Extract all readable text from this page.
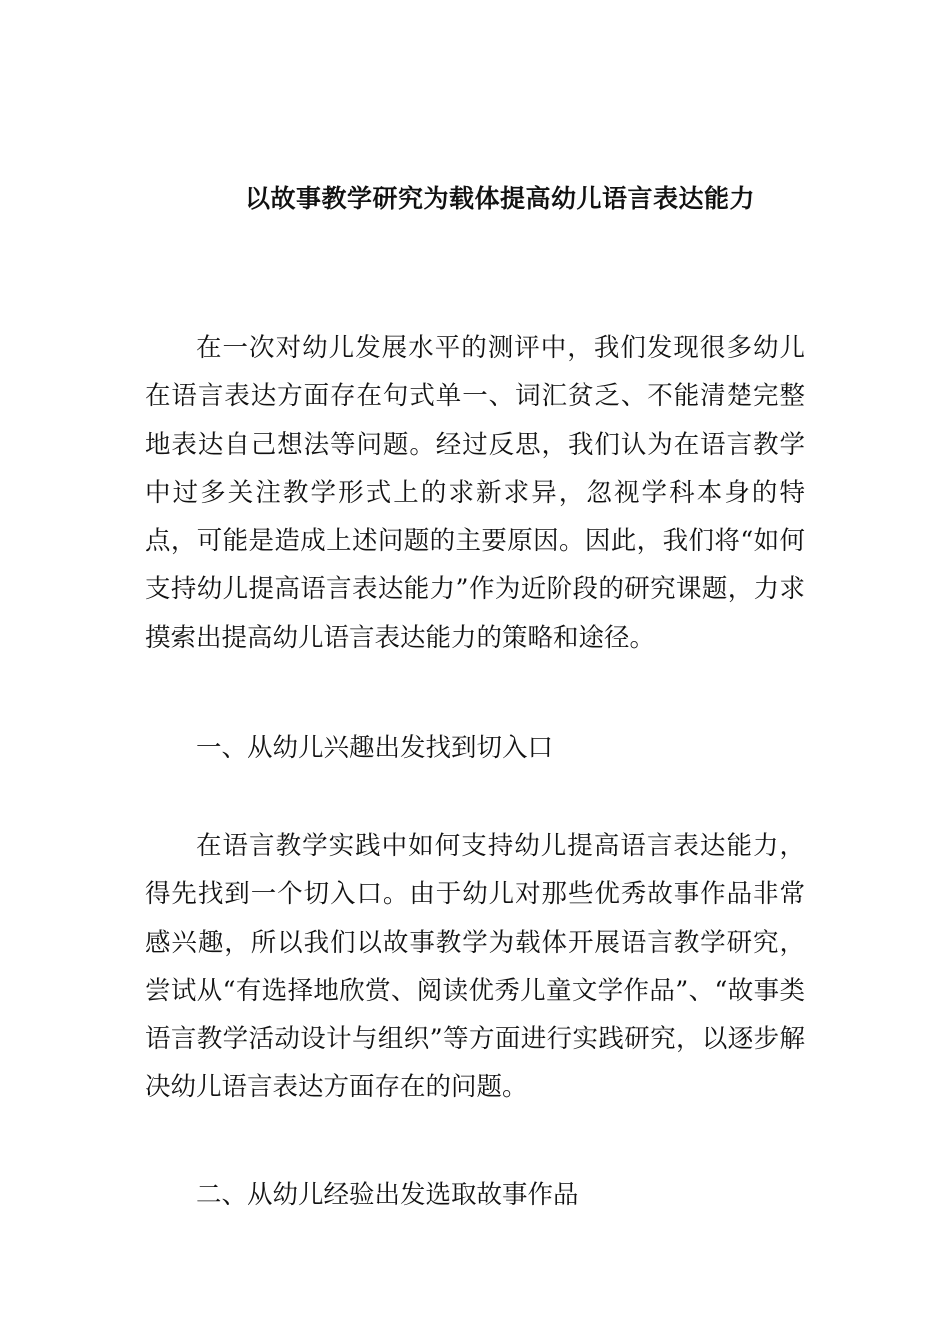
以故事教学研究为载体提高幼儿语言表达能力

在一次对幼儿发展水平的测评中，我们发现很多幼儿在语言表达方面存在句式单一、词汇贫乏、不能清楚完整地表达自己想法等问题。经过反思，我们认为在语言教学中过多关注教学形式上的求新求异，忽视学科本身的特点，可能是造成上述问题的主要原因。因此，我们将“如何支持幼儿提高语言表达能力”作为近阶段的研究课题，力求摸索出提高幼儿语言表达能力的策略和途径。

一、从幼儿兴趣出发找到切入口

在语言教学实践中如何支持幼儿提高语言表达能力，得先找到一个切入口。由于幼儿对那些优秀故事作品非常感兴趣，所以我们以故事教学为载体开展语言教学研究，尝试从“有选择地欣赏、阅读优秀儿童文学作品”、“故事类语言教学活动设计与组织”等方面进行实践研究，以逐步解决幼儿语言表达方面存在的问题。

二、从幼儿经验出发选取故事作品
